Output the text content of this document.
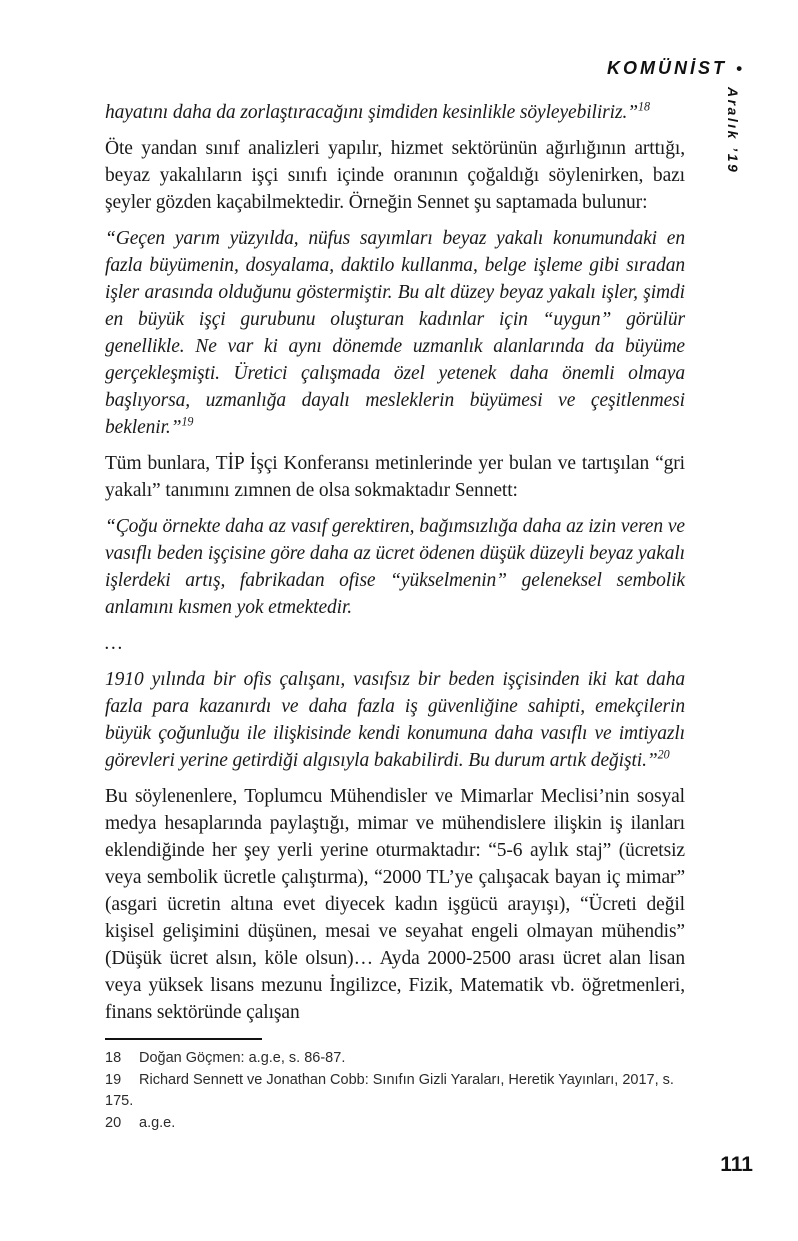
KOMÜNİST •
Aralık ’19

hayatını daha da zorlaştıracağını şimdiden kesinlikle söyleyebiliriz.”$^{18}$

Öte yandan sınıf analizleri yapılır, hizmet sektörünün ağırlığının arttığı, beyaz yakalıların işçi sınıfı içinde oranının çoğaldığı söylenirken, bazı şeyler gözden kaçabilmektedir. Örneğin Sennet şu saptamada bulunur:

“Geçen yarım yüzyılda, nüfus sayımları beyaz yakalı konumundaki en fazla büyümenin, dosyalama, daktilo kullanma, belge işleme gibi sıradan işler arasında olduğunu göstermiştir. Bu alt düzey beyaz yakalı işler, şimdi en büyük işçi gurubunu oluşturan kadınlar için “uygun” görülür genellikle. Ne var ki aynı dönemde uzmanlık alanlarında da büyüme gerçekleşmişti. Üretici çalışmada özel yetenek daha önemli olmaya başlıyorsa, uzmanlığa dayalı mesleklerin büyümesi ve çeşitlenmesi beklenir.”$^{19}$

Tüm bunlara, TİP İşçi Konferansı metinlerinde yer bulan ve tartışılan “gri yakalı” tanımını zımnen de olsa sokmaktadır Sennett:

“Çoğu örnekte daha az vasıf gerektiren, bağımsızlığa daha az izin veren ve vasıflı beden işçisine göre daha az ücret ödenen düşük düzeyli beyaz yakalı işlerdeki artış, fabrikadan ofise “yükselmenin” geleneksel sembolik anlamını kısmen yok etmektedir.

…

1910 yılında bir ofis çalışanı, vasıfsız bir beden işçisinden iki kat daha fazla para kazanırdı ve daha fazla iş güvenliğine sahipti, emekçilerin büyük çoğunluğu ile ilişkisinde kendi konumuna daha vasıflı ve imtiyazlı görevleri yerine getirdiği algısıyla bakabilirdi. Bu durum artık değişti.”$^{20}$

Bu söylenenlere, Toplumcu Mühendisler ve Mimarlar Meclisi’nin sosyal medya hesaplarında paylaştığı, mimar ve mühendislere ilişkin iş ilanları eklendiğinde her şey yerli yerine oturmaktadır: “5-6 aylık staj” (ücretsiz veya sembolik ücretle çalıştırma), “2000 TL’ye çalışacak bayan iç mimar” (asgari ücretin altına evet diyecek kadın işgücü arayışı), “Ücreti değil kişisel gelişimini düşünen, mesai ve seyahat engeli olmayan mühendis” (Düşük ücret alsın, köle olsun)… Ayda 2000-2500 arası ücret alan lisan veya yüksek lisans mezunu İngilizce, Fizik, Matematik vb. öğretmenleri, finans sektöründe çalışan

18 Doğan Göçmen: a.g.e, s. 86-87.
19 Richard Sennett ve Jonathan Cobb: Sınıfın Gizli Yaraları, Heretik Yayınları, 2017, s. 175.
20 a.g.e.
111
